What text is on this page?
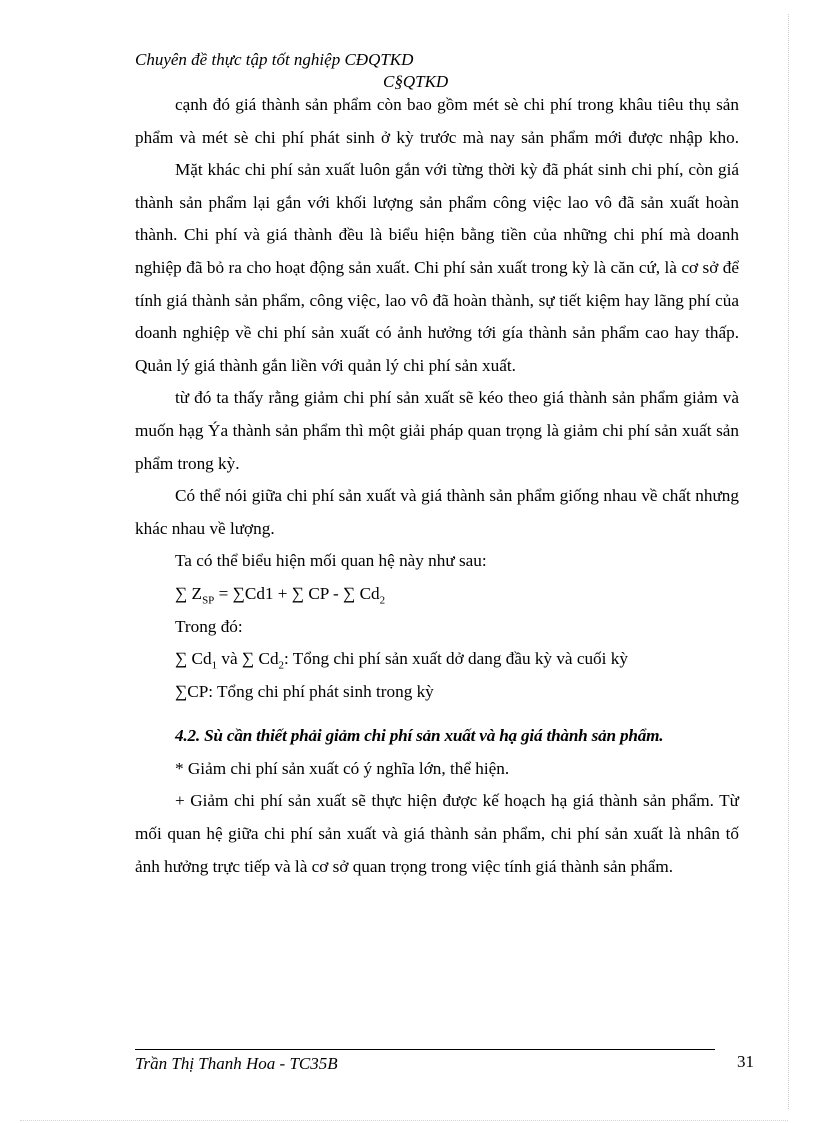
Chuyên đề thực tập tốt nghiệp CĐQTKD
C§QTKD

cạnh đó giá thành sản phẩm còn bao gồm mét sè chi phí trong khâu tiêu thụ sản phẩm và mét sè chi phí phát sinh ở kỳ trước mà nay sản phẩm mới được nhập kho.

Mặt khác chi phí sản xuất luôn gắn với từng thời kỳ đã phát sinh chi phí, còn giá thành sản phẩm lại gắn với khối lượng sản phẩm công việc lao vô đã sản xuất hoàn thành. Chi phí và giá thành đều là biểu hiện bằng tiền của những chi phí mà doanh nghiệp đã bỏ ra cho hoạt động sản xuất. Chi phí sản xuất trong kỳ là căn cứ, là cơ sở để tính giá thành sản phẩm, công việc, lao vô đã hoàn thành, sự tiết kiệm hay lãng phí của doanh nghiệp về chi phí sản xuất có ảnh hưởng tới gía thành sản phẩm cao hay thấp. Quản lý giá thành gắn liền với quản lý chi phí sản xuất.

từ đó ta thấy rằng giảm chi phí sản xuất sẽ kéo theo giá thành sản phẩm giảm và muốn hạg Ýa thành sản phẩm thì một giải pháp quan trọng là giảm chi phí sản xuất sản phẩm trong kỳ.

Có thể nói giữa chi phí sản xuất và giá thành sản phẩm giống nhau về chất nhưng khác nhau về lượng.

Ta có thể biểu hiện mối quan hệ này như sau:

∑ $Z_{SP} = \sum Cd1$ + ∑ CP - ∑ $Cd_2$

Trong đó:

∑ $Cd_1$ và ∑ $Cd_2$: Tổng chi phí sản xuất dở dang đầu kỳ và cuối kỳ

∑CP: Tổng chi phí phát sinh trong kỳ

4.2. Sù cần thiết phải giảm chi phí sản xuất và hạ giá thành sản phẩm.

* Giảm chi phí sản xuất có ý nghĩa lớn, thể hiện.

+ Giảm chi phí sản xuất sẽ thực hiện được kế hoạch hạ giá thành sản phẩm. Từ mối quan hệ giữa chi phí sản xuất và giá thành sản phẩm, chi phí sản xuất là nhân tố ảnh hưởng trực tiếp và là cơ sở quan trọng trong việc tính giá thành sản phẩm.

Trần Thị Thanh Hoa - TC35B	31
